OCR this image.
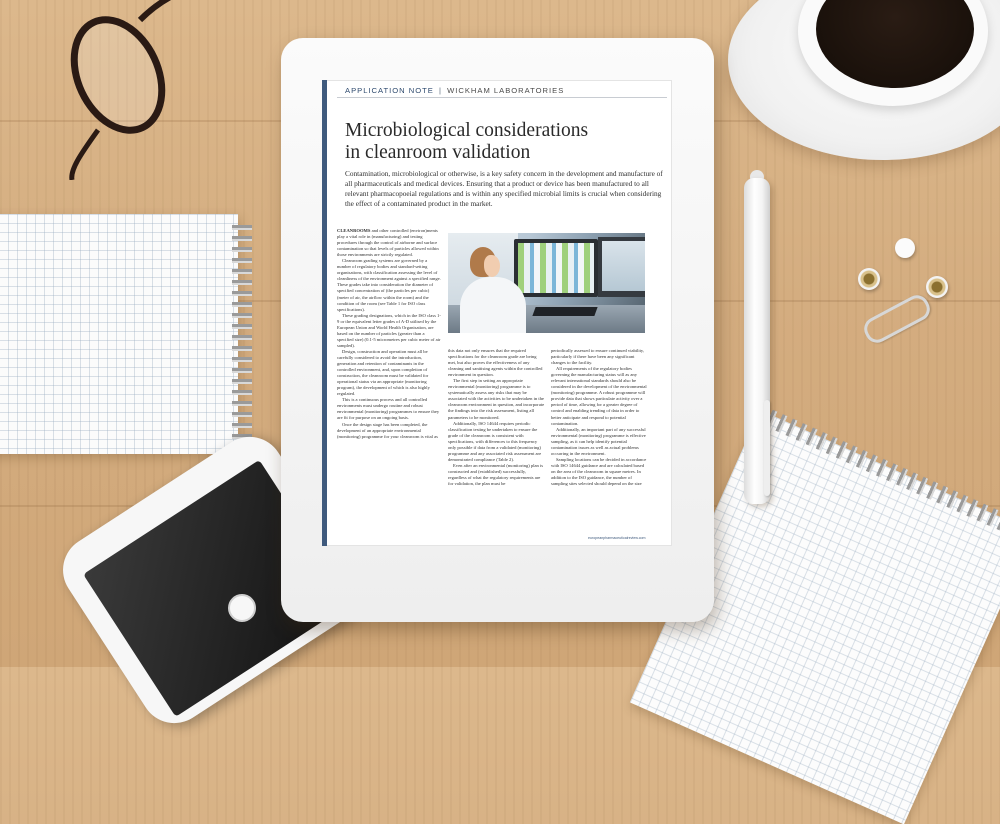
APPLICATION NOTE | WICKHAM LABORATORIES
Microbiological considerations
in cleanroom validation
Contamination, microbiological or otherwise, is a key safety concern in the development and manufacture of all pharmaceuticals and medical devices. Ensuring that a product or device has been manufactured to all relevant pharmacopoeial regulations and is within any specified microbial limits is crucial when considering the effect of a contaminated product in the market.

CLEANROOMS and other controlled (environ)ments play a vital role in (manufacturing) and testing procedures through the control of airborne and surface contamination so that levels of particles allowed within those environments are strictly regulated.

Cleanroom grading systems are governed by a number of regulatory bodies and standard-setting organisations, with classification assessing the level of cleanliness of the environment against a specified range. These grades take into consideration the diameter of specified concentration of (the particles per cubic) (meter of air, the airflow within the room) and the condition of the room (see Table 1 for ISO class specifications).

These grading designations, which in the ISO class 1-9 or the equivalent letter grades of A-D utilised by the European Union and World Health Organisation, are based on the number of particles (greater than a specified size) (0.1-5 micrometres per cubic meter of air sampled).

Design, construction and operation must all be carefully considered to avoid the introduction, generation and retention of contaminants in the controlled environment, and, upon completion of construction, the cleanroom must be validated for operational status via an appropriate (monitoring program), the development of which is also highly regulated.

This is a continuous process and all controlled environments must undergo routine and robust environmental (monitoring) programmes to ensure they are fit for purpose on an ongoing basis.

Once the design stage has been completed, the development of an appropriate environmental (monitoring) programme for your cleanroom is vital as

this data not only ensures that the required specifications for the cleanroom grade are being met, but also proves the effectiveness of any cleaning and sanitising agents within the controlled environment in question.

The first step in setting an appropriate environmental (monitoring) programme is to systematically assess any risks that may be associated with the activities to be undertaken in the cleanroom environment in question, and incorporate the findings into the risk assessment, listing all parameters to be monitored.

Additionally, ISO 14644 requires periodic classification testing be undertaken to ensure the grade of the cleanroom is consistent with specifications, with differences to this frequency only possible if data from a validated (monitoring) programme and any associated risk assessment are demonstrated compliance (Table 2).

Even after an environmental (monitoring) plan is constructed and (established) successfully, regardless of what the regulatory requirements are for validation, the plan must be

periodically assessed to ensure continued viability, particularly if there have been any significant changes to the facility.

All requirements of the regulatory bodies governing the manufacturing status will as any relevant international standards should also be considered in the development of the environmental (monitoring) programme. A robust programme will provide data that shows particulate activity over a period of time, allowing for a greater degree of control and enabling trending of data in order to better anticipate and respond to potential contamination.

Additionally, an important part of any successful environmental (monitoring) programme is effective sampling, as it can help identify potential contamination issues as well as actual problems occurring in the environment.

Sampling locations can be decided in accordance with ISO 14644 guidance and are calculated based on the area of the cleanroom in square metres. In addition to the ISO guidance, the number of sampling sites selected should depend on the size

europeanpharmaceuticalreview.com
